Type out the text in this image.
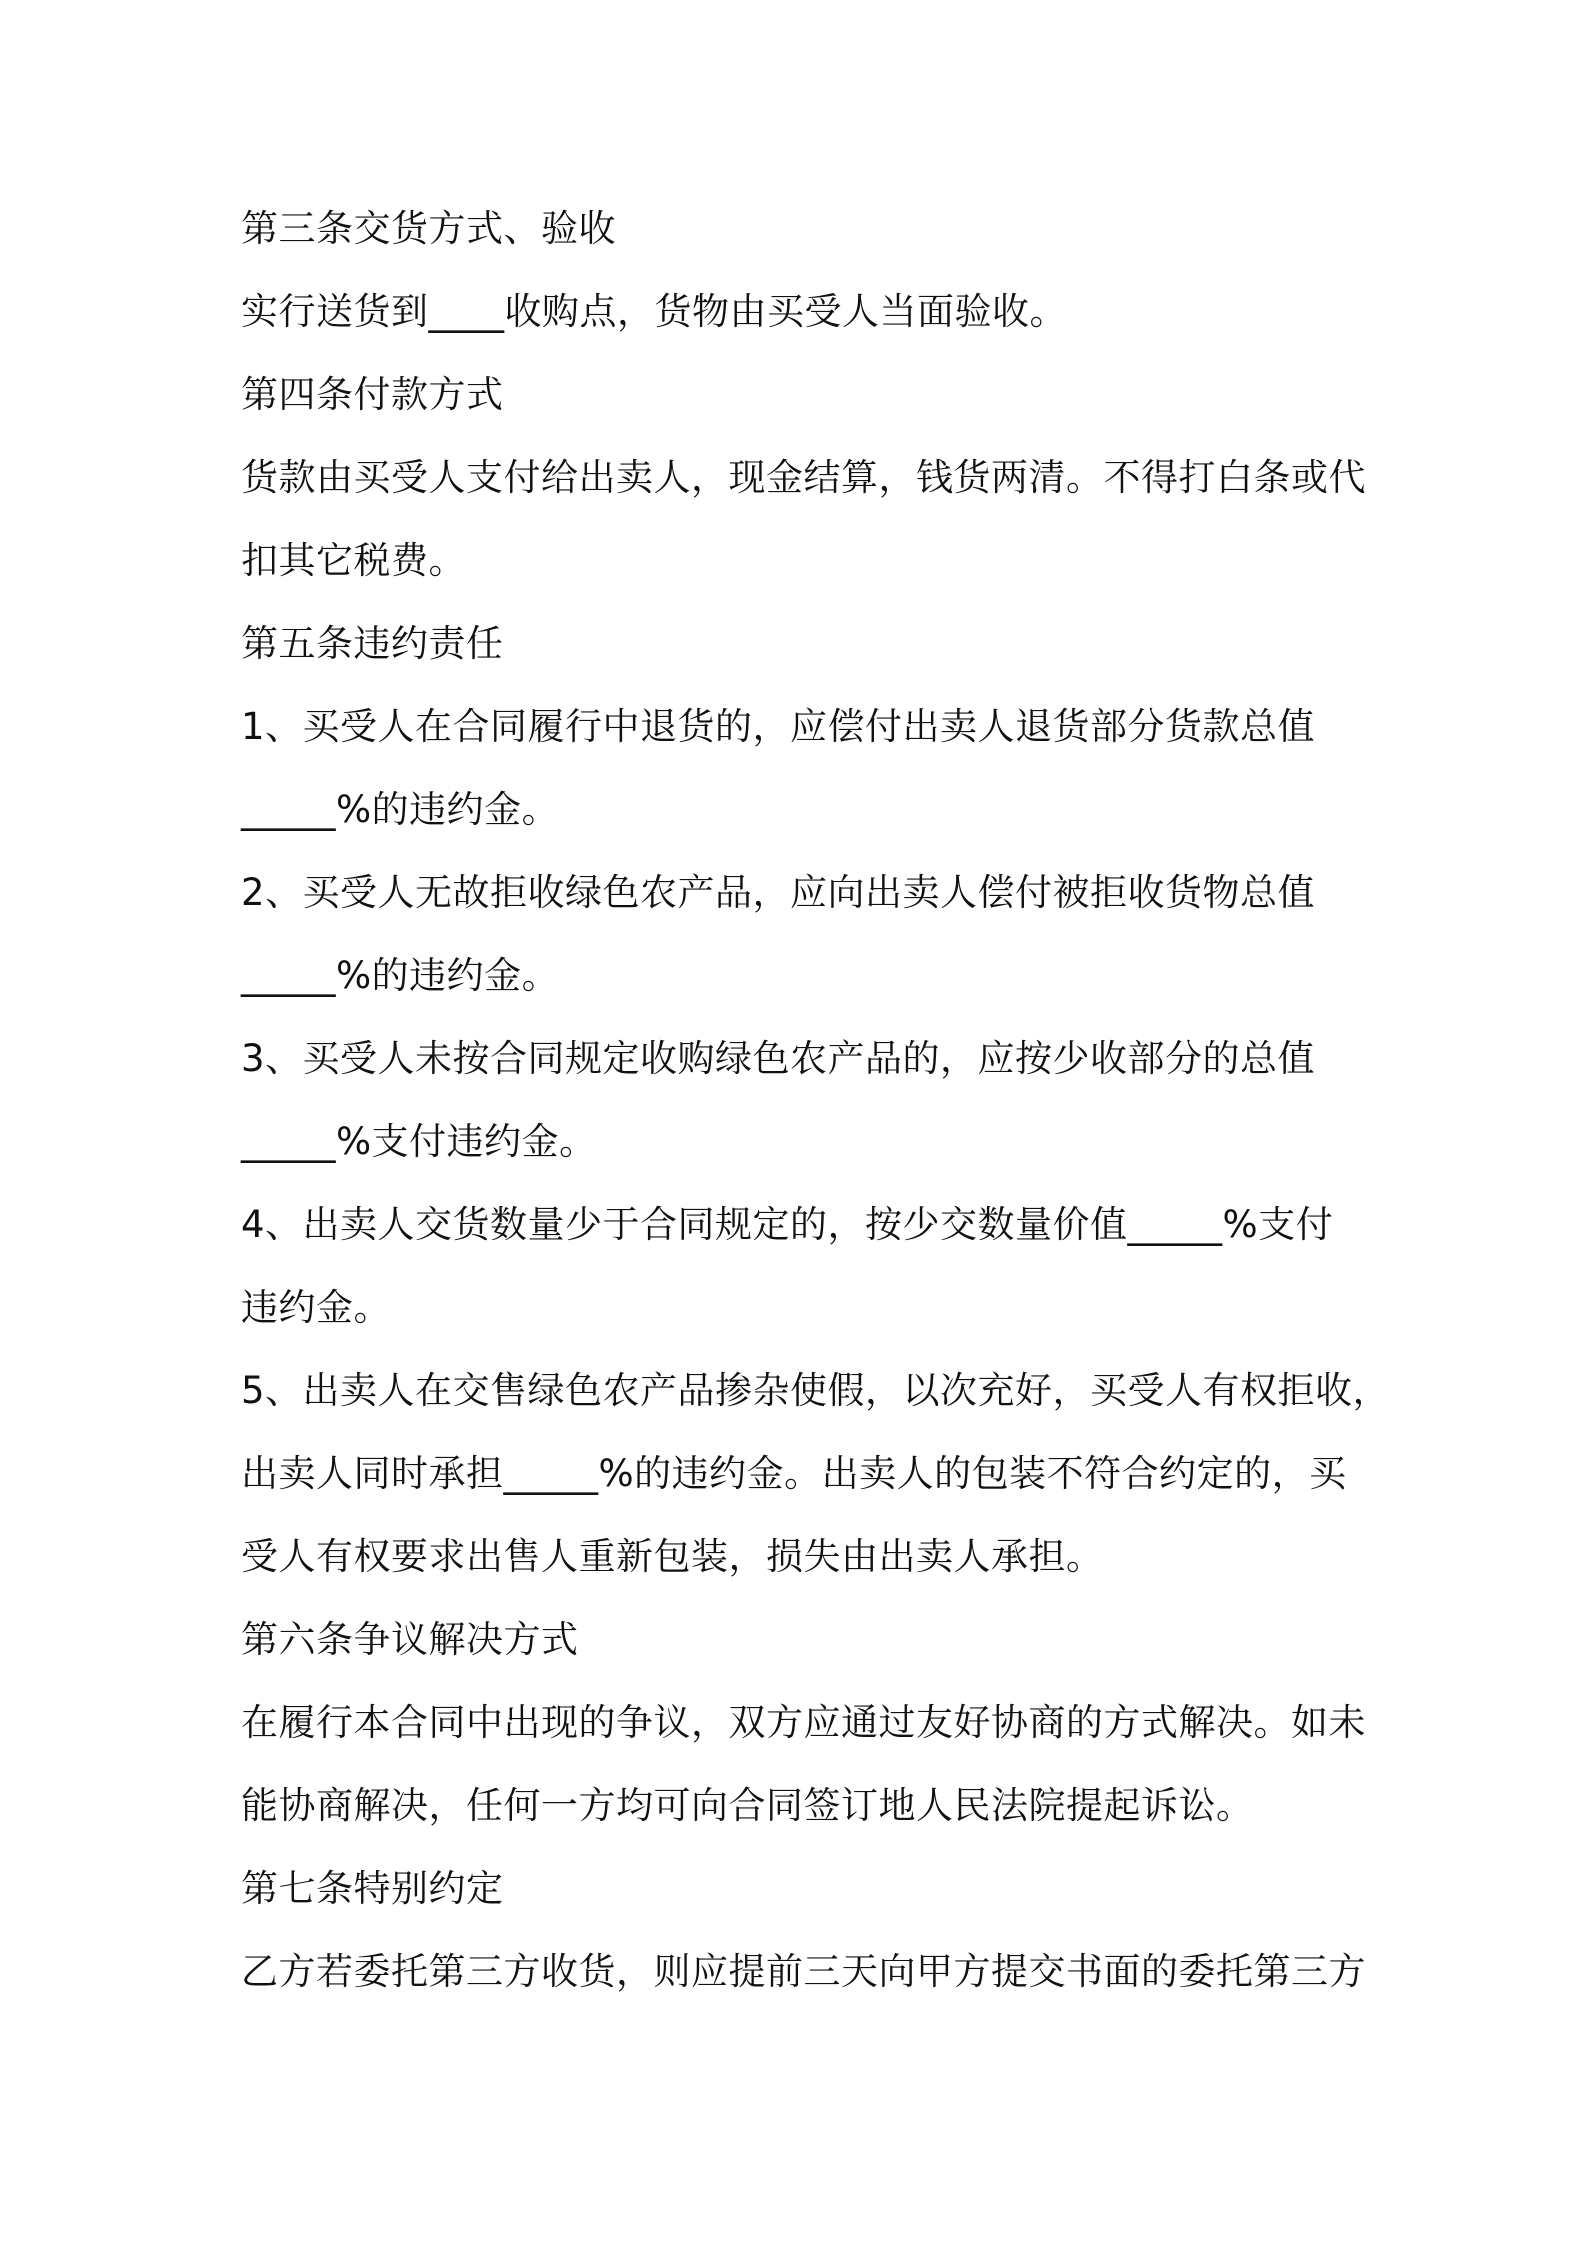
第三条交货方式、验收

实行送货到____收购点，货物由买受人当面验收。

第四条付款方式

货款由买受人支付给出卖人，现金结算，钱货两清。不得打白条或代

扣其它税费。

第五条违约责任

1、买受人在合同履行中退货的，应偿付出卖人退货部分货款总值

_____%的违约金。

2、买受人无故拒收绿色农产品，应向出卖人偿付被拒收货物总值

_____%的违约金。

3、买受人未按合同规定收购绿色农产品的，应按少收部分的总值

_____%支付违约金。

4、出卖人交货数量少于合同规定的，按少交数量价值_____%支付

违约金。

5、出卖人在交售绿色农产品掺杂使假，以次充好，买受人有权拒收，

出卖人同时承担_____%的违约金。出卖人的包装不符合约定的，买

受人有权要求出售人重新包装，损失由出卖人承担。

第六条争议解决方式

在履行本合同中出现的争议，双方应通过友好协商的方式解决。如未

能协商解决，任何一方均可向合同签订地人民法院提起诉讼。

第七条特别约定

乙方若委托第三方收货，则应提前三天向甲方提交书面的委托第三方
